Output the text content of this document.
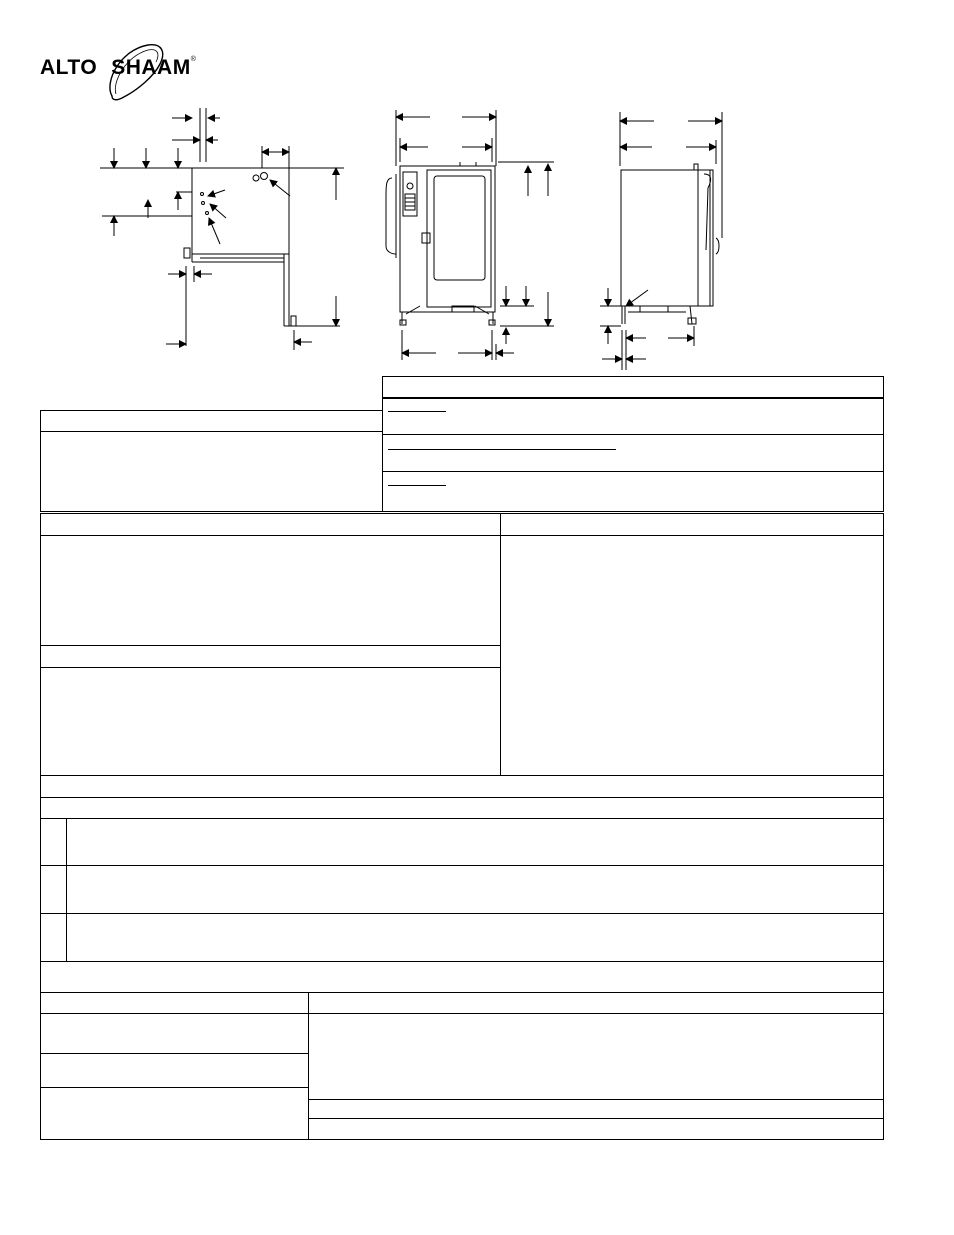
ALTO SHAAM®
